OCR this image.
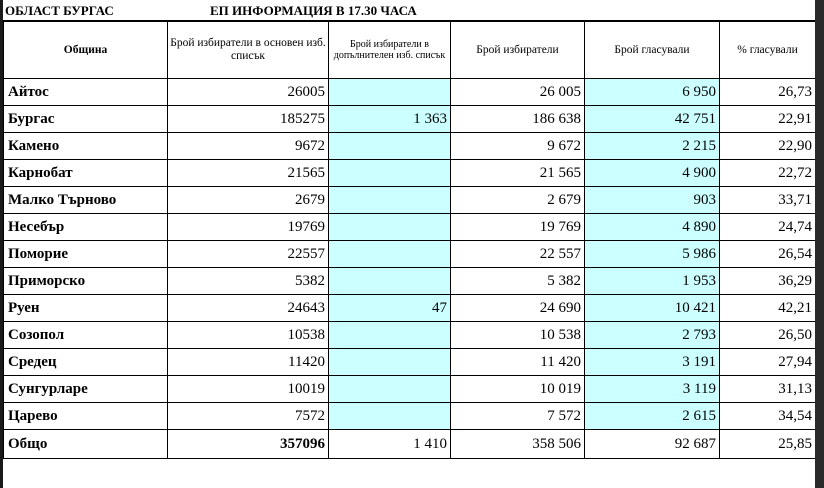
ОБЛАСТ БУРГАС	ЕП ИНФОРМАЦИЯ В 17.30 ЧАСА
Община	Брой избиратели в основен изб. списък	Брой избиратели в допълнителен изб. списък	Брой избиратели	Брой гласували	% гласували
Айтос	26005		26 005	6 950	26,73
Бургас	185275	1 363	186 638	42 751	22,91
Камено	9672		9 672	2 215	22,90
Карнобат	21565		21 565	4 900	22,72
Малко Търново	2679		2 679	903	33,71
Несебър	19769		19 769	4 890	24,74
Поморие	22557		22 557	5 986	26,54
Приморско	5382		5 382	1 953	36,29
Руен	24643	47	24 690	10 421	42,21
Созопол	10538		10 538	2 793	26,50
Средец	11420		11 420	3 191	27,94
Сунгурларе	10019		10 019	3 119	31,13
Царево	7572		7 572	2 615	34,54
Общо	357096	1 410	358 506	92 687	25,85
